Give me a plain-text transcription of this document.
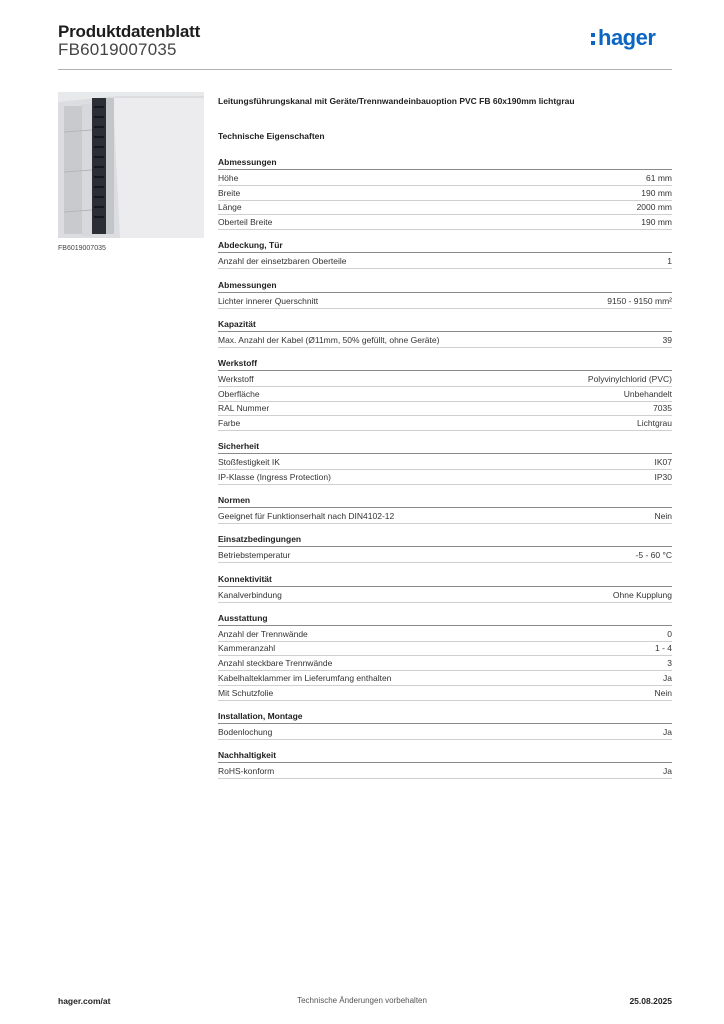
Produktdatenblatt
FB6019007035	hager
FB6019007035
Leitungsführungskanal mit Geräte/Trennwandeinbauoption PVC FB 60x190mm lichtgrau
Technische Eigenschaften
Abmessungen
Höhe	61 mm
Breite	190 mm
Länge	2000 mm
Oberteil Breite	190 mm
Abdeckung, Tür
Anzahl der einsetzbaren Oberteile	1
Abmessungen
Lichter innerer Querschnitt	9150 - 9150 mm²
Kapazität
Max. Anzahl der Kabel (Ø11mm, 50% gefüllt, ohne Geräte)	39
Werkstoff
Werkstoff	Polyvinylchlorid (PVC)
Oberfläche	Unbehandelt
RAL Nummer	7035
Farbe	Lichtgrau
Sicherheit
Stoßfestigkeit IK	IK07
IP-Klasse (Ingress Protection)	IP30
Normen
Geeignet für Funktionserhalt nach DIN4102-12	Nein
Einsatzbedingungen
Betriebstemperatur	-5 - 60 °C
Konnektivität
Kanalverbindung	Ohne Kupplung
Ausstattung
Anzahl der Trennwände	0
Kammeranzahl	1 - 4
Anzahl steckbare Trennwände	3
Kabelhalteklammer im Lieferumfang enthalten	Ja
Mit Schutzfolie	Nein
Installation, Montage
Bodenlochung	Ja
Nachhaltigkeit
RoHS-konform	Ja
hager.com/at	Technische Änderungen vorbehalten	25.08.2025
